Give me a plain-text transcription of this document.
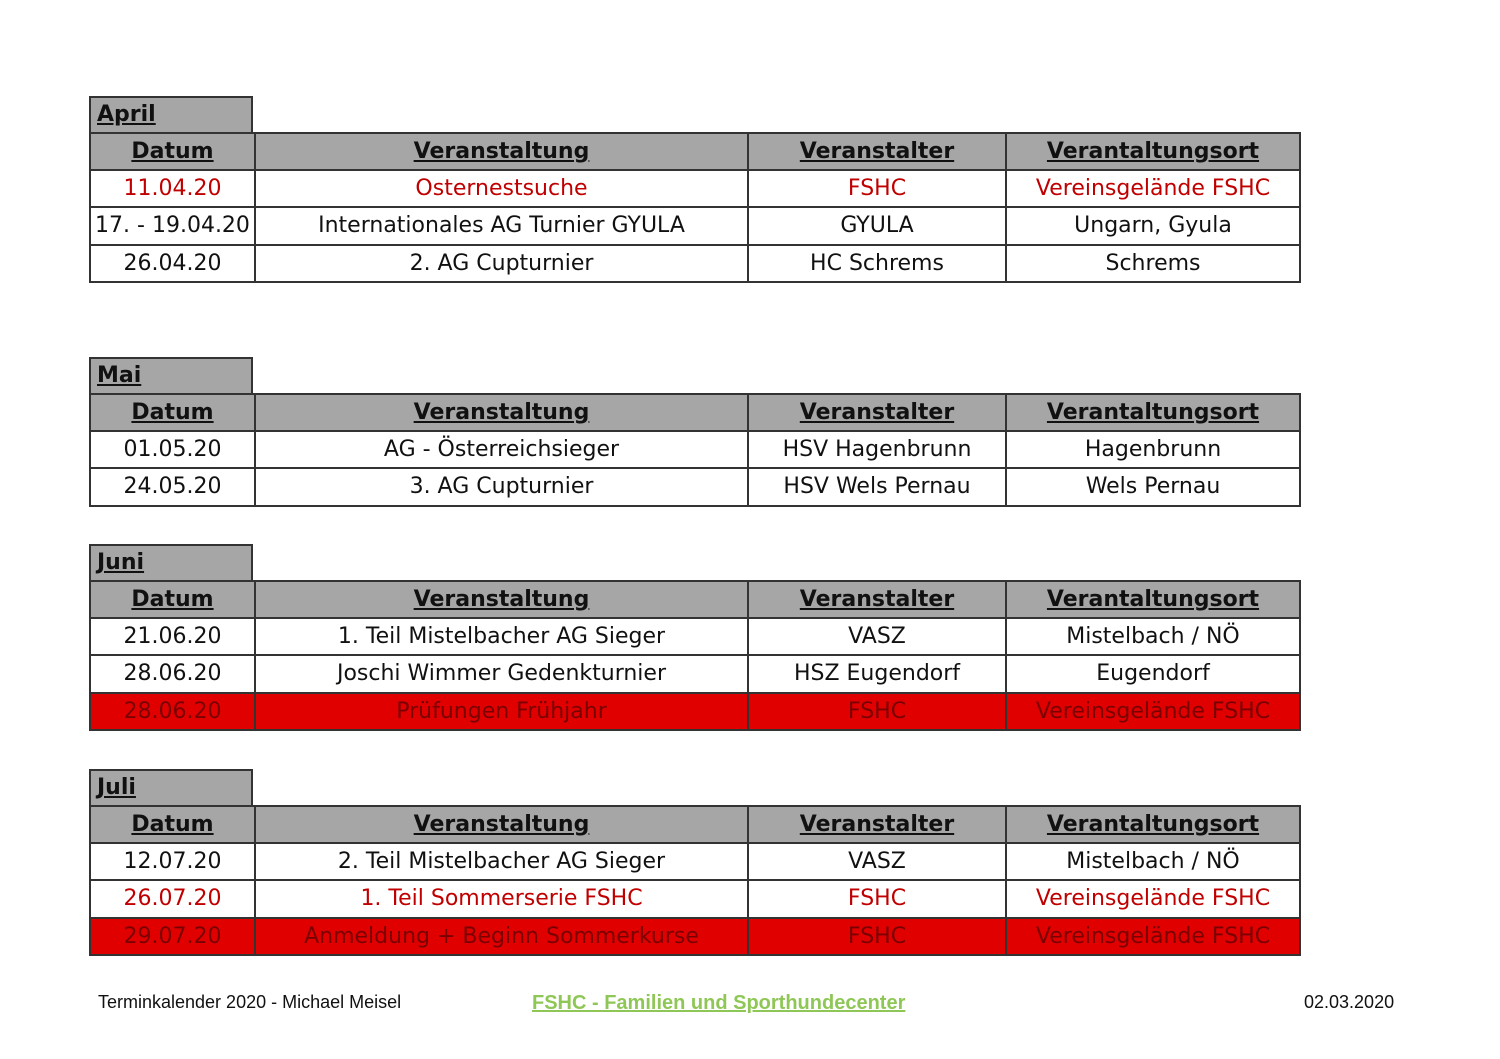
April
Datum	Veranstaltung	Veranstalter	Verantaltungsort
11.04.20	Osternestsuche	FSHC	Vereinsgelände FSHC
17. - 19.04.20	Internationales AG Turnier GYULA	GYULA	Ungarn, Gyula
26.04.20	2. AG Cupturnier	HC Schrems	Schrems
Mai
Datum	Veranstaltung	Veranstalter	Verantaltungsort
01.05.20	AG - Österreichsieger	HSV Hagenbrunn	Hagenbrunn
24.05.20	3. AG Cupturnier	HSV Wels Pernau	Wels Pernau
Juni
Datum	Veranstaltung	Veranstalter	Verantaltungsort
21.06.20	1. Teil Mistelbacher AG Sieger	VASZ	Mistelbach / NÖ
28.06.20	Joschi Wimmer Gedenkturnier	HSZ Eugendorf	Eugendorf
28.06.20	Prüfungen Frühjahr	FSHC	Vereinsgelände FSHC
Juli
Datum	Veranstaltung	Veranstalter	Verantaltungsort
12.07.20	2. Teil Mistelbacher AG Sieger	VASZ	Mistelbach / NÖ
26.07.20	1. Teil Sommerserie FSHC	FSHC	Vereinsgelände FSHC
29.07.20	Anmeldung + Beginn Sommerkurse	FSHC	Vereinsgelände FSHC
Terminkalender 2020 - Michael Meisel	FSHC - Familien und Sporthundecenter	02.03.2020
